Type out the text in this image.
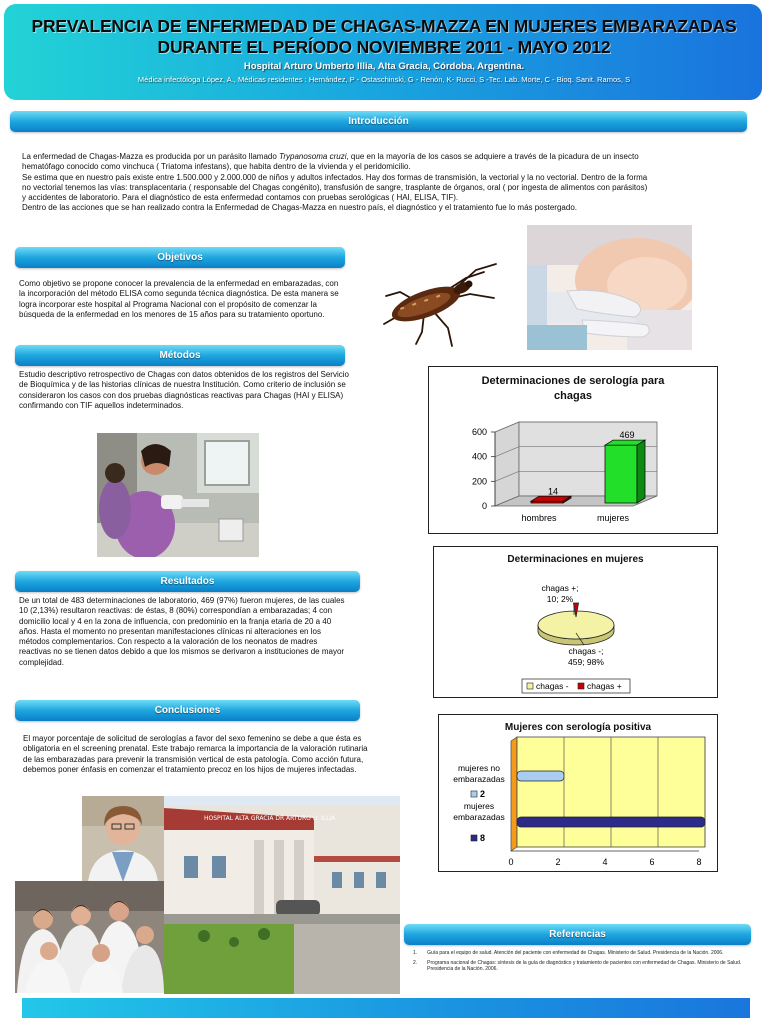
PREVALENCIA DE ENFERMEDAD DE CHAGAS-MAZZA EN MUJERES EMBARAZADAS
DURANTE EL PERÍODO NOVIEMBRE 2011 - MAYO 2012
Hospital Arturo Umberto Illia, Alta Gracia, Córdoba, Argentina.
Médica infectóloga López, A., Médicas residentes : Hernández, P - Ostaschinski, G - Renón, K- Rucci, S -Tec. Lab. Morte, C - Bioq. Sanit. Ramos, S
Introducción
La enfermedad de Chagas-Mazza es producida por un parásito llamado Trypanosoma cruzi, que en la mayoría de los casos se adquiere a través de la picadura de un insecto
hematófago conocido como vinchuca ( Triatoma infestans), que habita dentro de la vivienda y el peridomicilio.
Se estima que en nuestro país existe entre 1.500.000 y 2.000.000 de niños y adultos infectados. Hay dos formas de transmisión, la vectorial y la no vectorial. Dentro de la forma
no vectorial tenemos las vías: transplacentaria ( responsable del Chagas congénito), transfusión de sangre, trasplante de órganos, oral ( por ingesta de alimentos con parásitos)
y accidentes de laboratorio. Para el diagnóstico de esta enfermedad contamos con pruebas serológicas ( HAI, ELISA, TIF).
Dentro de las acciones que se han realizado contra la Enfermedad de Chagas-Mazza en nuestro país, el diagnóstico y el tratamiento fue lo más postergado.
Objetivos
Como objetivo se propone conocer la prevalencia de la enfermedad en embarazadas, con la incorporación del método ELISA como segunda técnica diagnóstica. De esta manera se logra incorporar este hospital al Programa Nacional con el propósito de comenzar la búsqueda de la enfermedad en los menores de 15 años para su tratamiento oportuno.
Métodos
Estudio descriptivo retrospectivo de Chagas con datos obtenidos de los registros del Servicio de Bioquímica y de las historias clínicas de nuestra Institución. Como criterio de inclusión se consideraron los casos con dos pruebas diagnósticas reactivas para Chagas (HAI y ELISA) confirmando con TIF aquellos indeterminados.
Determinaciones de serología para chagas
0
200
400
600
14
hombres
469
mujeres
Determinaciones en mujeres
chagas +;
10; 2%
chagas -;
459; 98%
chagas - chagas +
Resultados
De un total de 483 determinaciones de laboratorio, 469 (97%) fueron mujeres, de las cuales 10 (2,13%) resultaron reactivas: de éstas, 8 (80%) correspondían a embarazadas; 4 con domicilio local y 4 en la zona de influencia, con predominio en la franja etaria de 20 a 40 años. Hasta el momento no presentan manifestaciones clínicas ni alteraciones en los métodos complementarios. Con respecto a la valoración de los neonatos de madres reactivas no se tienen datos debido a que los mismos se derivaron a instituciones de mayor complejidad.
Conclusiones
El mayor porcentaje de solicitud de serologías a favor del sexo femenino se debe a que ésta es obligatoria en el screening prenatal. Este trabajo remarca la importancia de la valoración rutinaria de las embarazadas para prevenir la transmisión vertical de esta patología. Como acción futura, debemos poner énfasis en comenzar el tratamiento precoz en los hijos de mujeres infectadas.
Mujeres con serología positiva
0	2	4	6	8
mujeres no
embarazadas
2
mujeres
embarazadas
8
HOSPITAL ALTA GRACIA DR ARTURO U. ILLIA
Referencias
1. Guía para el equipo de salud. Atención del paciente con enfermedad de Chagas. Ministerio de Salud. Presidencia de la Nación. 2006.
2. Programa nacional de Chagas: síntesis de la guía de diagnóstico y tratamiento de pacientes con enfermedad de Chagas. Ministerio de Salud. Presidencia de la Nación. 2006.
